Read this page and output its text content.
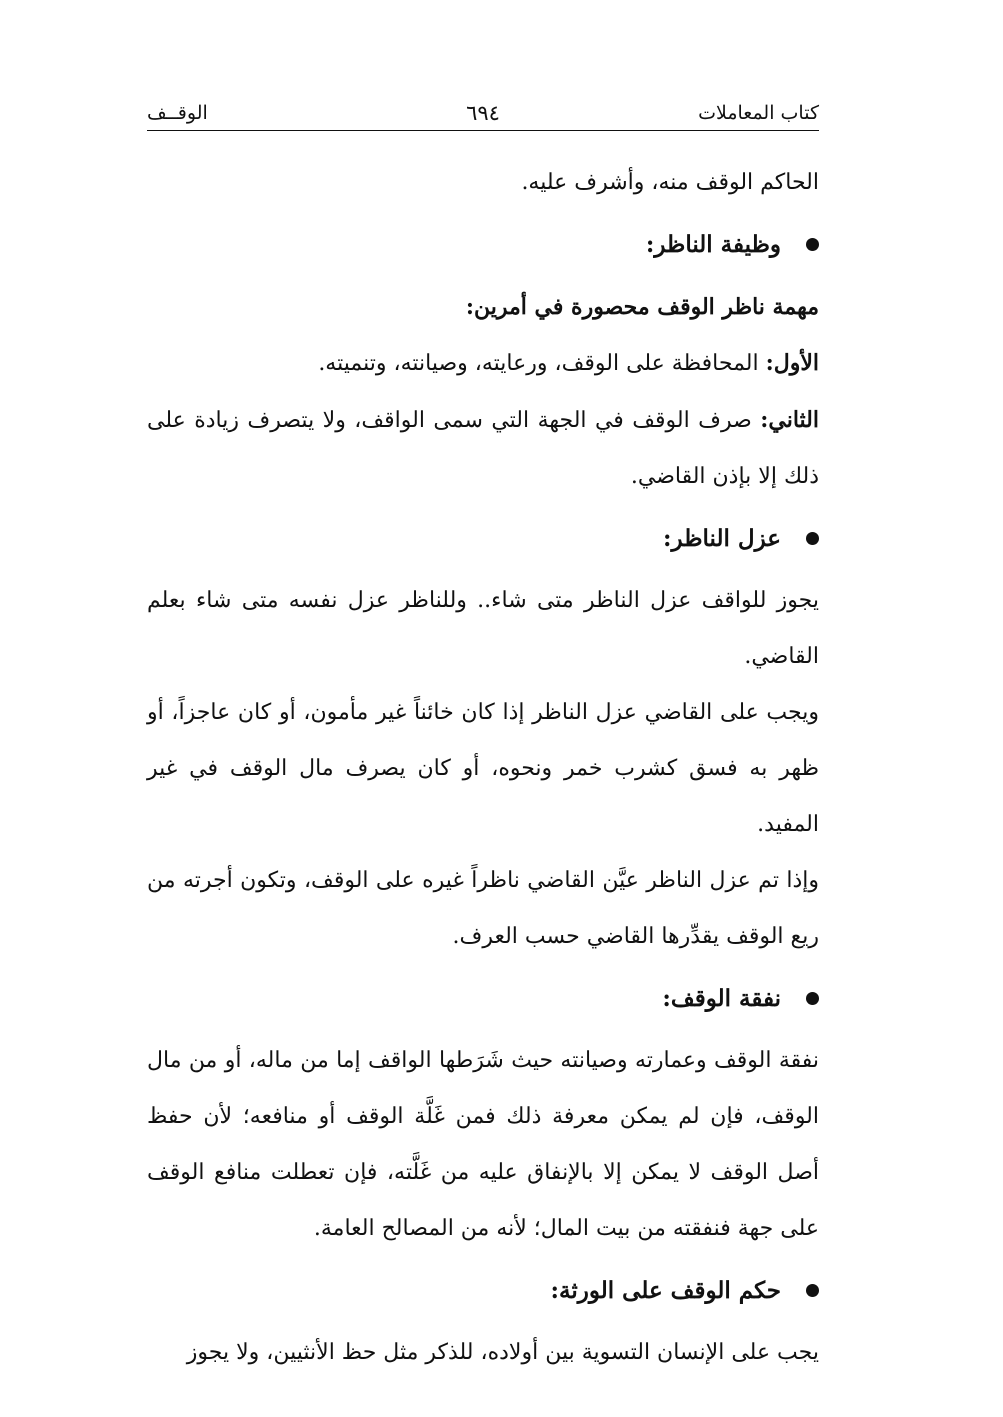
كتاب المعاملات
٦٩٤
الوقــف

الحاكم الوقف منه، وأشرف عليه.

وظيفة الناظر:

مهمة ناظر الوقف محصورة في أمرين:

الأول: المحافظة على الوقف، ورعايته، وصيانته، وتنميته.

الثاني: صرف الوقف في الجهة التي سمى الواقف، ولا يتصرف زيادة على ذلك إلا بإذن القاضي.

عزل الناظر:

يجوز للواقف عزل الناظر متى شاء.. وللناظر عزل نفسه متى شاء بعلم القاضي.

ويجب على القاضي عزل الناظر إذا كان خائناً غير مأمون، أو كان عاجزاً، أو ظهر به فسق كشرب خمر ونحوه، أو كان يصرف مال الوقف في غير المفيد.

وإذا تم عزل الناظر عيَّن القاضي ناظراً غيره على الوقف، وتكون أجرته من ريع الوقف يقدِّرها القاضي حسب العرف.

نفقة الوقف:

نفقة الوقف وعمارته وصيانته حيث شَرَطها الواقف إما من ماله، أو من مال الوقف، فإن لم يمكن معرفة ذلك فمن غَلَّة الوقف أو منافعه؛ لأن حفظ أصل الوقف لا يمكن إلا بالإنفاق عليه من غَلَّته، فإن تعطلت منافع الوقف على جهة فنفقته من بيت المال؛ لأنه من المصالح العامة.

حكم الوقف على الورثة:

يجب على الإنسان التسوية بين أولاده، للذكر مثل حظ الأنثيين، ولا يجوز
